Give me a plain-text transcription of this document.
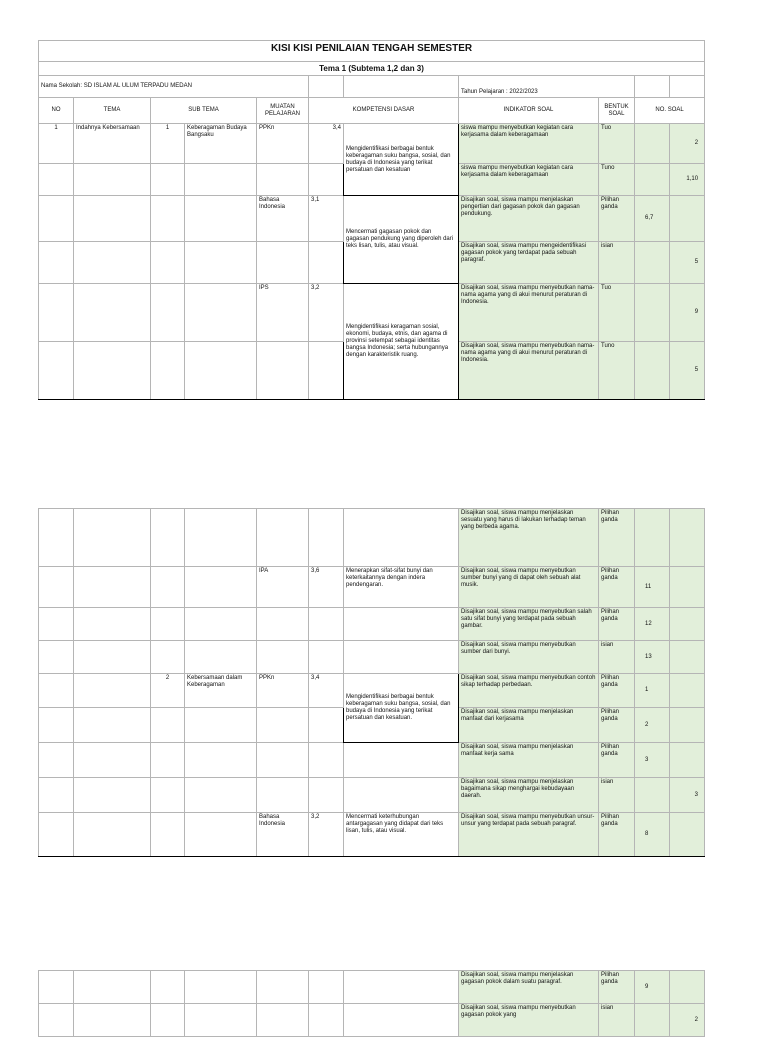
KISI KISI PENILAIAN TENGAH SEMESTER										
Tema 1 (Subtema 1,2 dan 3)										
Nama Sekolah: SD ISLAM AL ULUM TERPADU MEDAN							Tahun Pelajaran : 2022/2023			
NO	TEMA	SUB TEMA		MUATAN PELAJARAN	KOMPETENSI DASAR		INDIKATOR SOAL	BENTUK SOAL	NO. SOAL	
1	Indahnya Kebersamaan	1	Keberagaman Budaya Bangsaku	PPKn	3,4	Mengidentifikasi berbagai bentuk keberagaman suku bangsa, sosial, dan budaya di Indonesia yang terikat persatuan dan kesatuan	siswa mampu menyebutkan kegiatan cara kerjasama dalam keberagamaan	Tuo		2
							siswa mampu menyebutkan kegiatan cara kerjasama dalam keberagamaan	Tuno		1,10
				Bahasa Indonesia	3,1	Mencermati gagasan pokok dan gagasan pendukung yang diperoleh dari teks lisan, tulis, atau visual.	Disajikan soal, siswa mampu menjelaskan pengertian dari gagasan pokok dan gagasan pendukung.	Pilihan ganda	6,7	
							Disajikan soal, siswa mampu mengeidentifikasi gagasan pokok yang terdapat pada sebuah paragraf.	isian		5
				IPS	3,2	Mengidentifikasi keragaman sosial, ekonomi, budaya, etnis, dan agama di provinsi setempat sebagai identitas bangsa Indonesia; serta hubungannya dengan karakteristik ruang.	Disajikan soal, siswa mampu menyebutkan nama- nama agama yang di akui menurut peraturan di Indonesia.	Tuo		9
							Disajikan soal, siswa mampu menyebutkan nama- nama agama yang di akui menurut peraturan di Indonesia.	Tuno		5
							Disajikan soal, siswa mampu menjelaskan sesuatu yang harus di lakukan terhadap teman yang berbeda agama.	Pilihan ganda		
				IPA	3,6	Menerapkan sifat-sifat bunyi dan keterkaitannya dengan indera pendengaran.	Disajikan soal, siswa mampu menyebutkan sumber bunyi yang di dapat oleh sebuah alat musik.	Pilihan ganda	11	
							Disajikan soal, siswa mampu menyebutkan salah satu sifat bunyi yang terdapat pada sebuah gambar.	Pilihan ganda	12	
							Disajikan soal, siswa mampu menyebutkan sumber dari bunyi.	isian	13	
		2	Kebersamaan dalam Keberagaman	PPKn	3,4	Mengidentifikasi berbagai bentuk keberagaman suku bangsa, sosial, dan budaya di Indonesia yang terikat persatuan dan kesatuan.	Disajikan soal, siswa mampu menyebutkan contoh sikap terhadap perbedaan.	Pilihan ganda	1	
							Disajikan soal, siswa mampu menjelaskan manfaat dari kerjasama	Pilihan ganda	2	
							Disajikan soal, siswa mampu menjelaskan manfaat kerja sama	Pilihan ganda	3	
							Disajikan soal, siswa mampu menjelaskan bagaimana sikap menghargai kebudayaan daerah.	isian		3
				Bahasa Indonesia	3,2	Mencermati keterhubungan antargagasan yang didapat dari teks lisan, tulis, atau visual.	Disajikan soal, siswa mampu menyebutkan unsur- unsur yang terdapat pada sebuah paragraf.	Pilihan ganda	8	
							Disajikan soal, siswa mampu menjelaskan gagasan pokok dalam suatu paragraf.	Pilihan ganda	9	
							Disajikan soal, siswa mampu menyebutkan gagasan pokok yang	isian		2
